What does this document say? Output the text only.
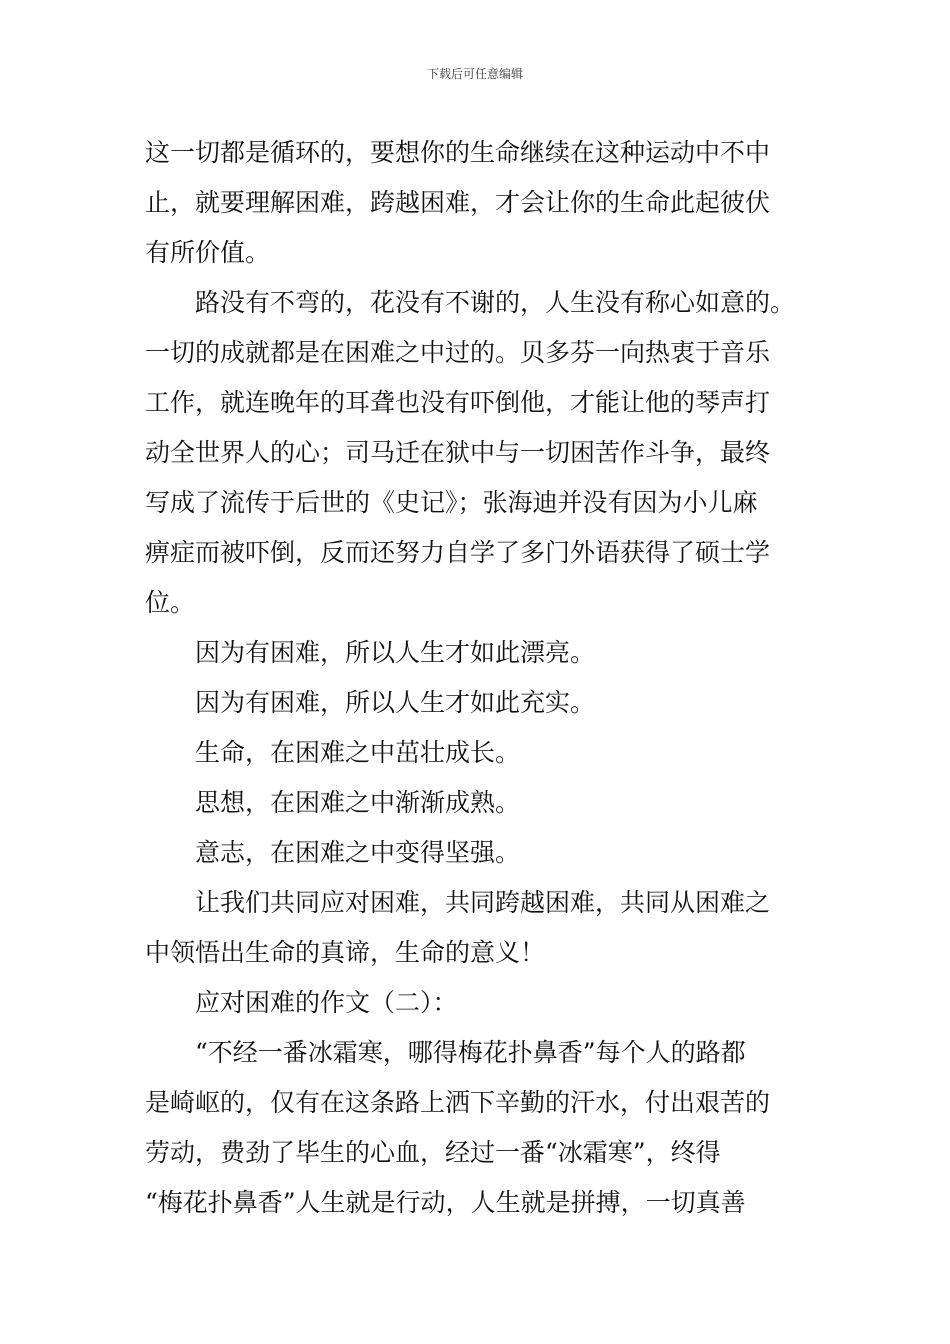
下载后可任意编辑

这一切都是循环的，要想你的生命继续在这种运动中不中
止，就要理解困难，跨越困难，才会让你的生命此起彼伏
有所价值。

路没有不弯的，花没有不谢的，人生没有称心如意的。
一切的成就都是在困难之中过的。贝多芬一向热衷于音乐
工作，就连晚年的耳聋也没有吓倒他，才能让他的琴声打
动全世界人的心；司马迁在狱中与一切困苦作斗争，最终
写成了流传于后世的《史记》；张海迪并没有因为小儿麻
痹症而被吓倒，反而还努力自学了多门外语获得了硕士学
位。

因为有困难，所以人生才如此漂亮。

因为有困难，所以人生才如此充实。

生命，在困难之中茁壮成长。

思想，在困难之中渐渐成熟。

意志，在困难之中变得坚强。

让我们共同应对困难，共同跨越困难，共同从困难之
中领悟出生命的真谛，生命的意义！

应对困难的作文（二）：

“不经一番冰霜寒，哪得梅花扑鼻香”每个人的路都
是崎岖的，仅有在这条路上洒下辛勤的汗水，付出艰苦的
劳动，费劲了毕生的心血，经过一番“冰霜寒”，终得
“梅花扑鼻香”人生就是行动，人生就是拼搏，一切真善
